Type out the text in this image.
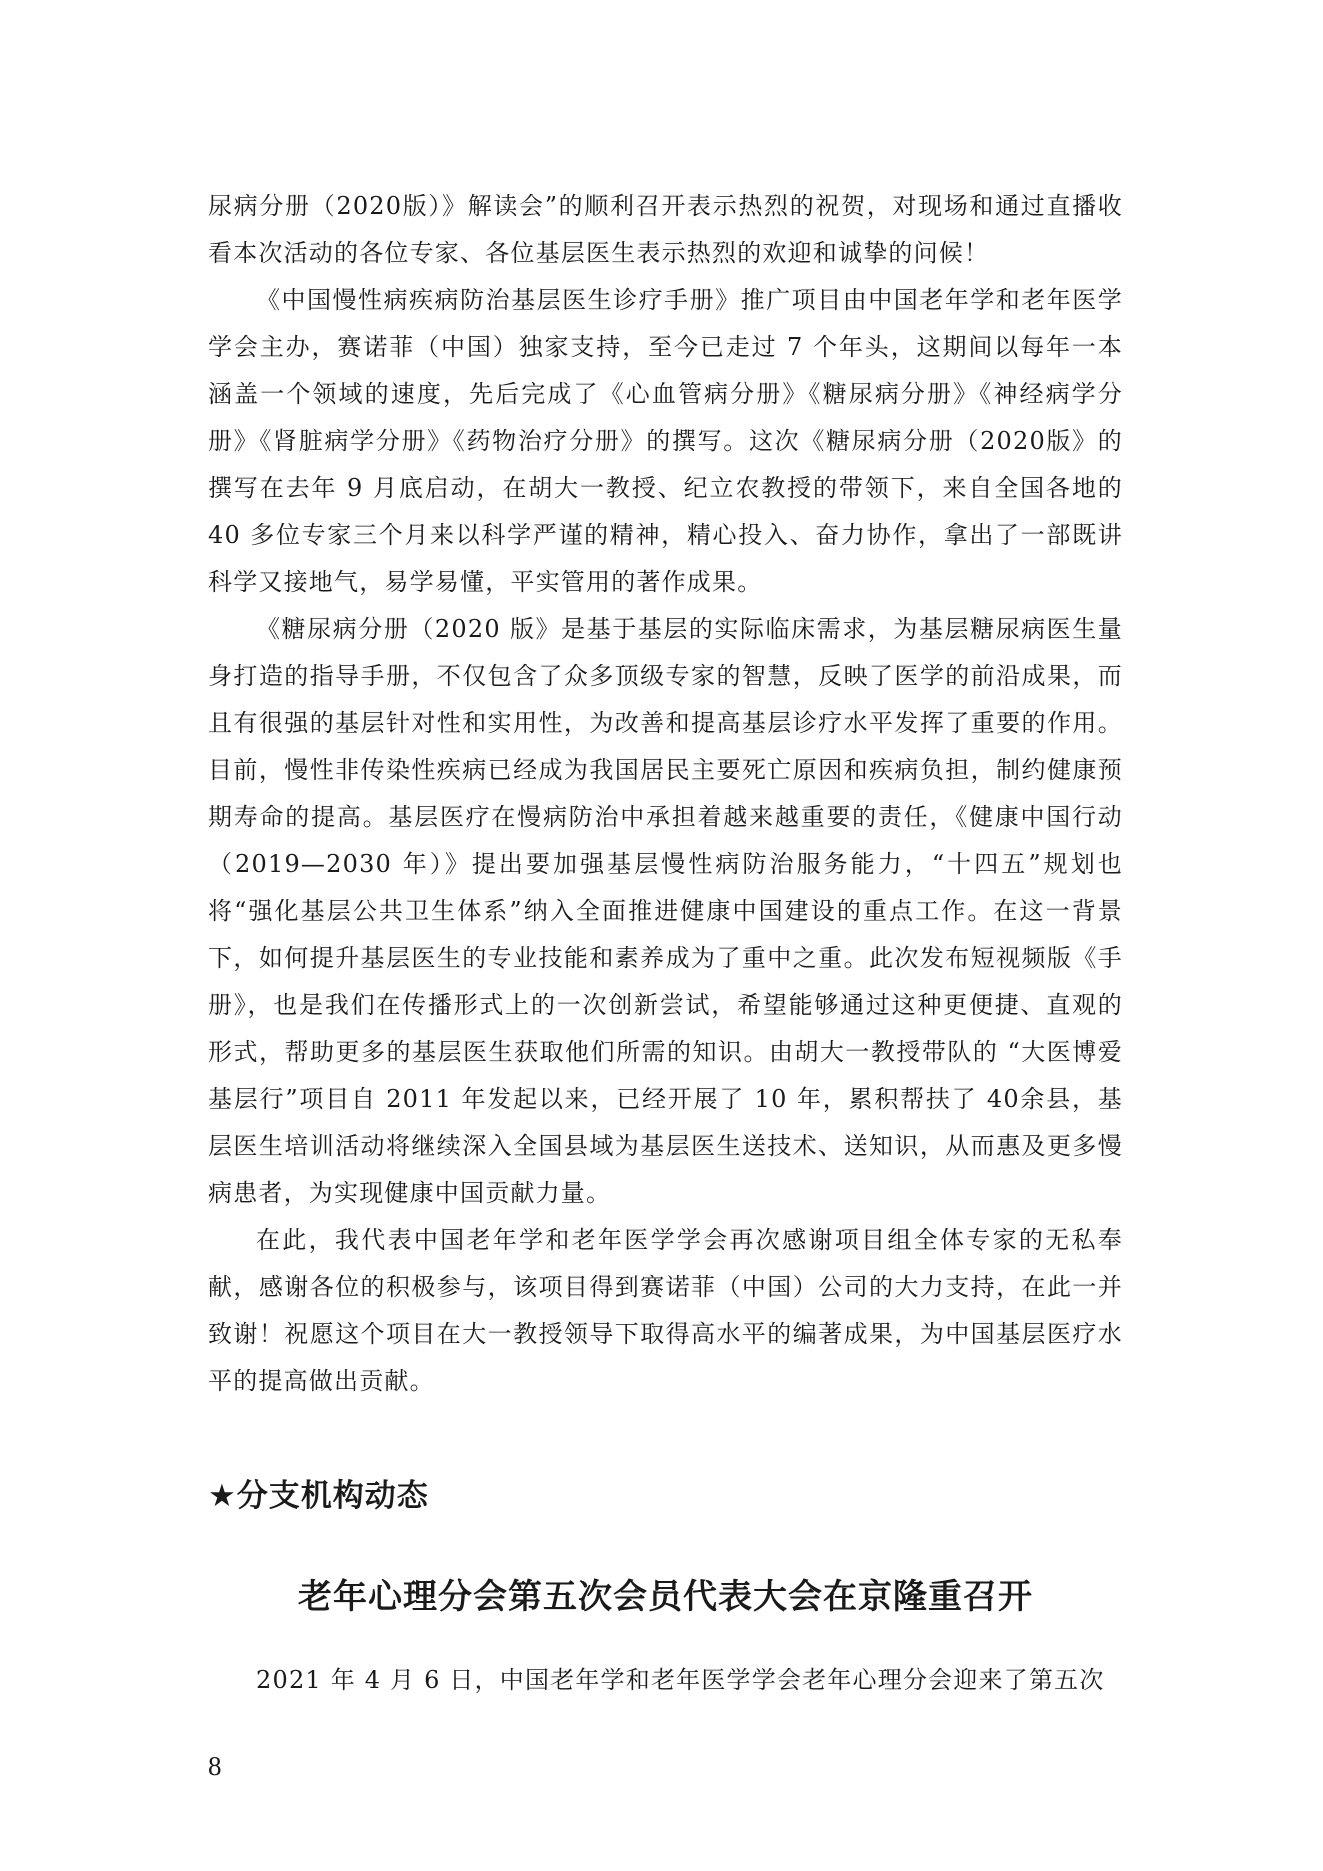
尿病分册（2020版）》解读会”的顺利召开表示热烈的祝贺，对现场和通过直播收看本次活动的各位专家、各位基层医生表示热烈的欢迎和诚挚的问候！

《中国慢性病疾病防治基层医生诊疗手册》推广项目由中国老年学和老年医学学会主办，赛诺菲（中国）独家支持，至今已走过 7 个年头，这期间以每年一本涵盖一个领域的速度，先后完成了《心血管病分册》《糖尿病分册》《神经病学分册》《肾脏病学分册》《药物治疗分册》的撰写。这次《糖尿病分册（2020版》的撰写在去年 9 月底启动，在胡大一教授、纪立农教授的带领下，来自全国各地的 40 多位专家三个月来以科学严谨的精神，精心投入、奋力协作，拿出了一部既讲科学又接地气，易学易懂，平实管用的著作成果。

《糖尿病分册（2020 版》是基于基层的实际临床需求，为基层糖尿病医生量身打造的指导手册，不仅包含了众多顶级专家的智慧，反映了医学的前沿成果，而且有很强的基层针对性和实用性，为改善和提高基层诊疗水平发挥了重要的作用。目前，慢性非传染性疾病已经成为我国居民主要死亡原因和疾病负担，制约健康预期寿命的提高。基层医疗在慢病防治中承担着越来越重要的责任，《健康中国行动（2019—2030 年）》提出要加强基层慢性病防治服务能力，“十四五”规划也将“强化基层公共卫生体系”纳入全面推进健康中国建设的重点工作。在这一背景下，如何提升基层医生的专业技能和素养成为了重中之重。此次发布短视频版《手册》，也是我们在传播形式上的一次创新尝试，希望能够通过这种更便捷、直观的形式，帮助更多的基层医生获取他们所需的知识。由胡大一教授带队的 “大医博爱基层行”项目自 2011 年发起以来，已经开展了 10 年，累积帮扶了 40余县，基层医生培训活动将继续深入全国县域为基层医生送技术、送知识，从而惠及更多慢病患者，为实现健康中国贡献力量。

在此，我代表中国老年学和老年医学学会再次感谢项目组全体专家的无私奉献，感谢各位的积极参与，该项目得到赛诺菲（中国）公司的大力支持，在此一并致谢！祝愿这个项目在大一教授领导下取得高水平的编著成果，为中国基层医疗水平的提高做出贡献。

★分支机构动态
老年心理分会第五次会员代表大会在京隆重召开
2021 年 4 月 6 日，中国老年学和老年医学学会老年心理分会迎来了第五次
8
